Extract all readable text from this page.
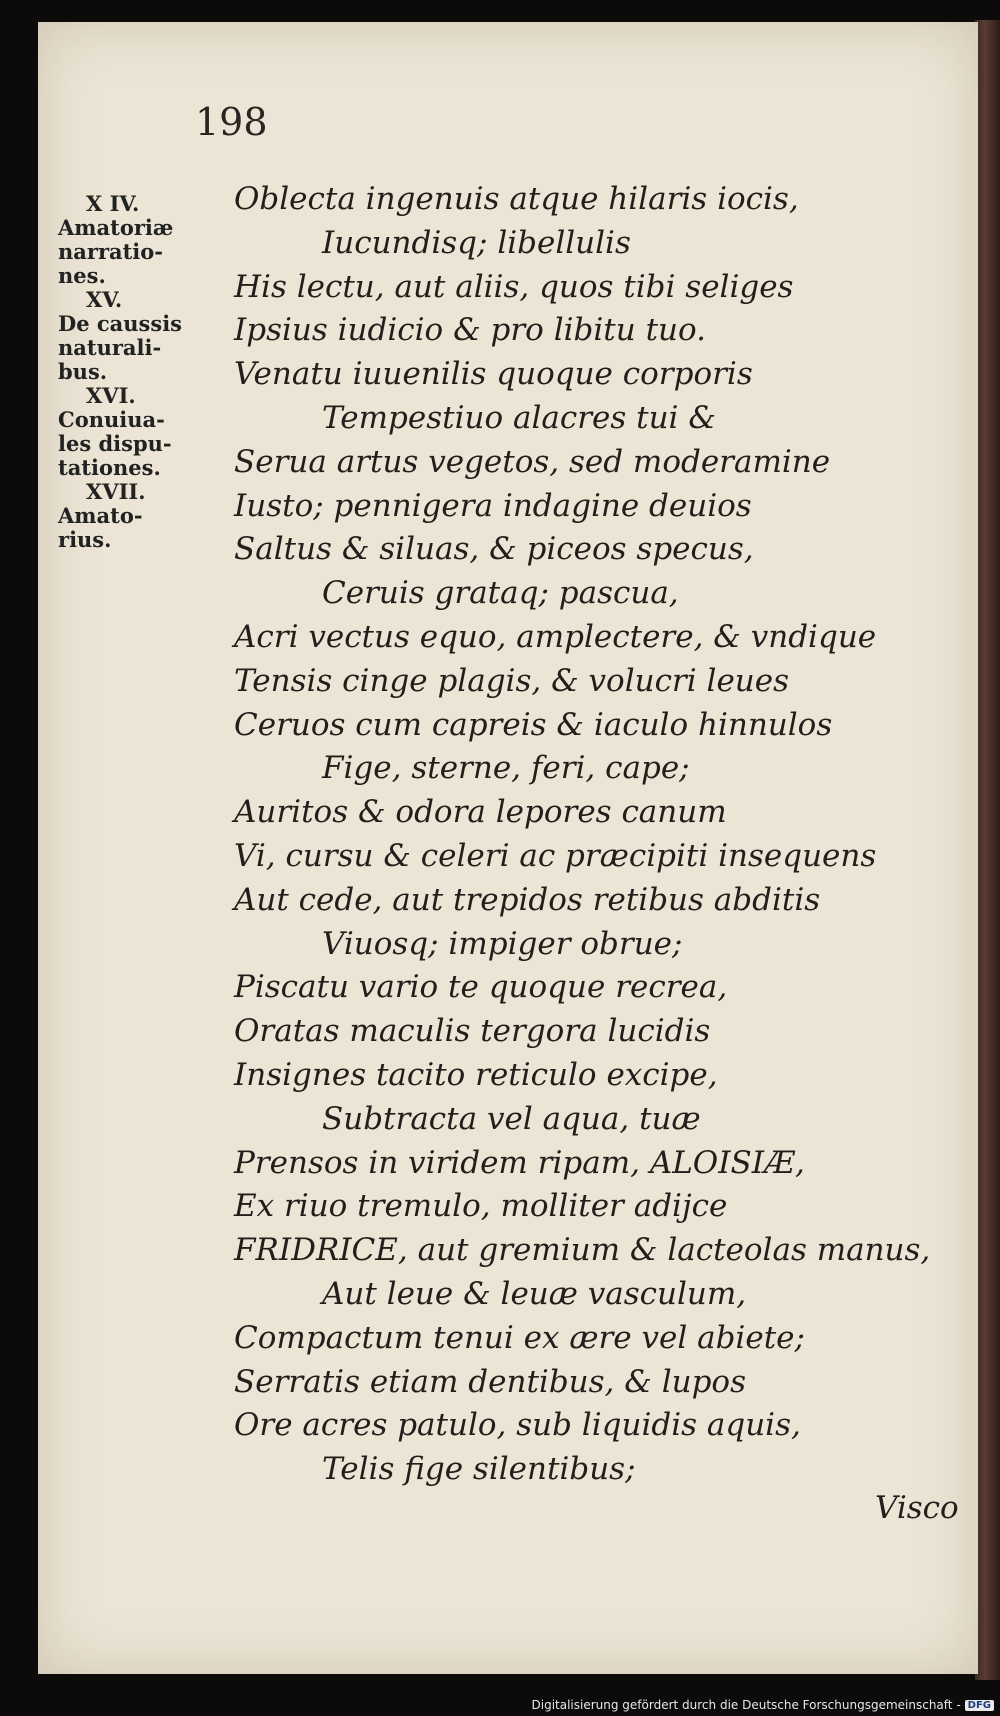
198
X IV.
Amatoriæ
narratio-
nes.
XV.
De caussis
naturali-
bus.
XVI.
Conuiua-
les dispu-
tationes.
XVII.
Amato-
rius.
Oblecta ingenuis atque hilaris iocis,
Iucundisq; libellulis
His lectu, aut aliis, quos tibi seliges
Ipsius iudicio & pro libitu tuo.
Venatu iuuenilis quoque corporis
Tempestiuo alacres tui &
Serua artus vegetos, sed moderamine
Iusto; pennigera indagine deuios
Saltus & siluas, & piceos specus,
Ceruis grataq; pascua,
Acri vectus equo, amplectere, & vndique
Tensis cinge plagis, & volucri leues
Ceruos cum capreis & iaculo hinnulos
Fige, sterne, feri, cape;
Auritos & odora lepores canum
Vi, cursu & celeri ac præcipiti insequens
Aut cede, aut trepidos retibus abditis
Viuosq; impiger obrue;
Piscatu vario te quoque recrea,
Oratas maculis tergora lucidis
Insignes tacito reticulo excipe,
Subtracta vel aqua, tuæ
Prensos in viridem ripam, ALOISIÆ,
Ex riuo tremulo, molliter adijce
FRIDRICE, aut gremium & lacteolas manus,
Aut leue & leuæ vasculum,
Compactum tenui ex ære vel abiete;
Serratis etiam dentibus, & lupos
Ore acres patulo, sub liquidis aquis,
Telis fige silentibus;
Visco
Digitalisierung gefördert durch die Deutsche Forschungsgemeinschaft - DFG
